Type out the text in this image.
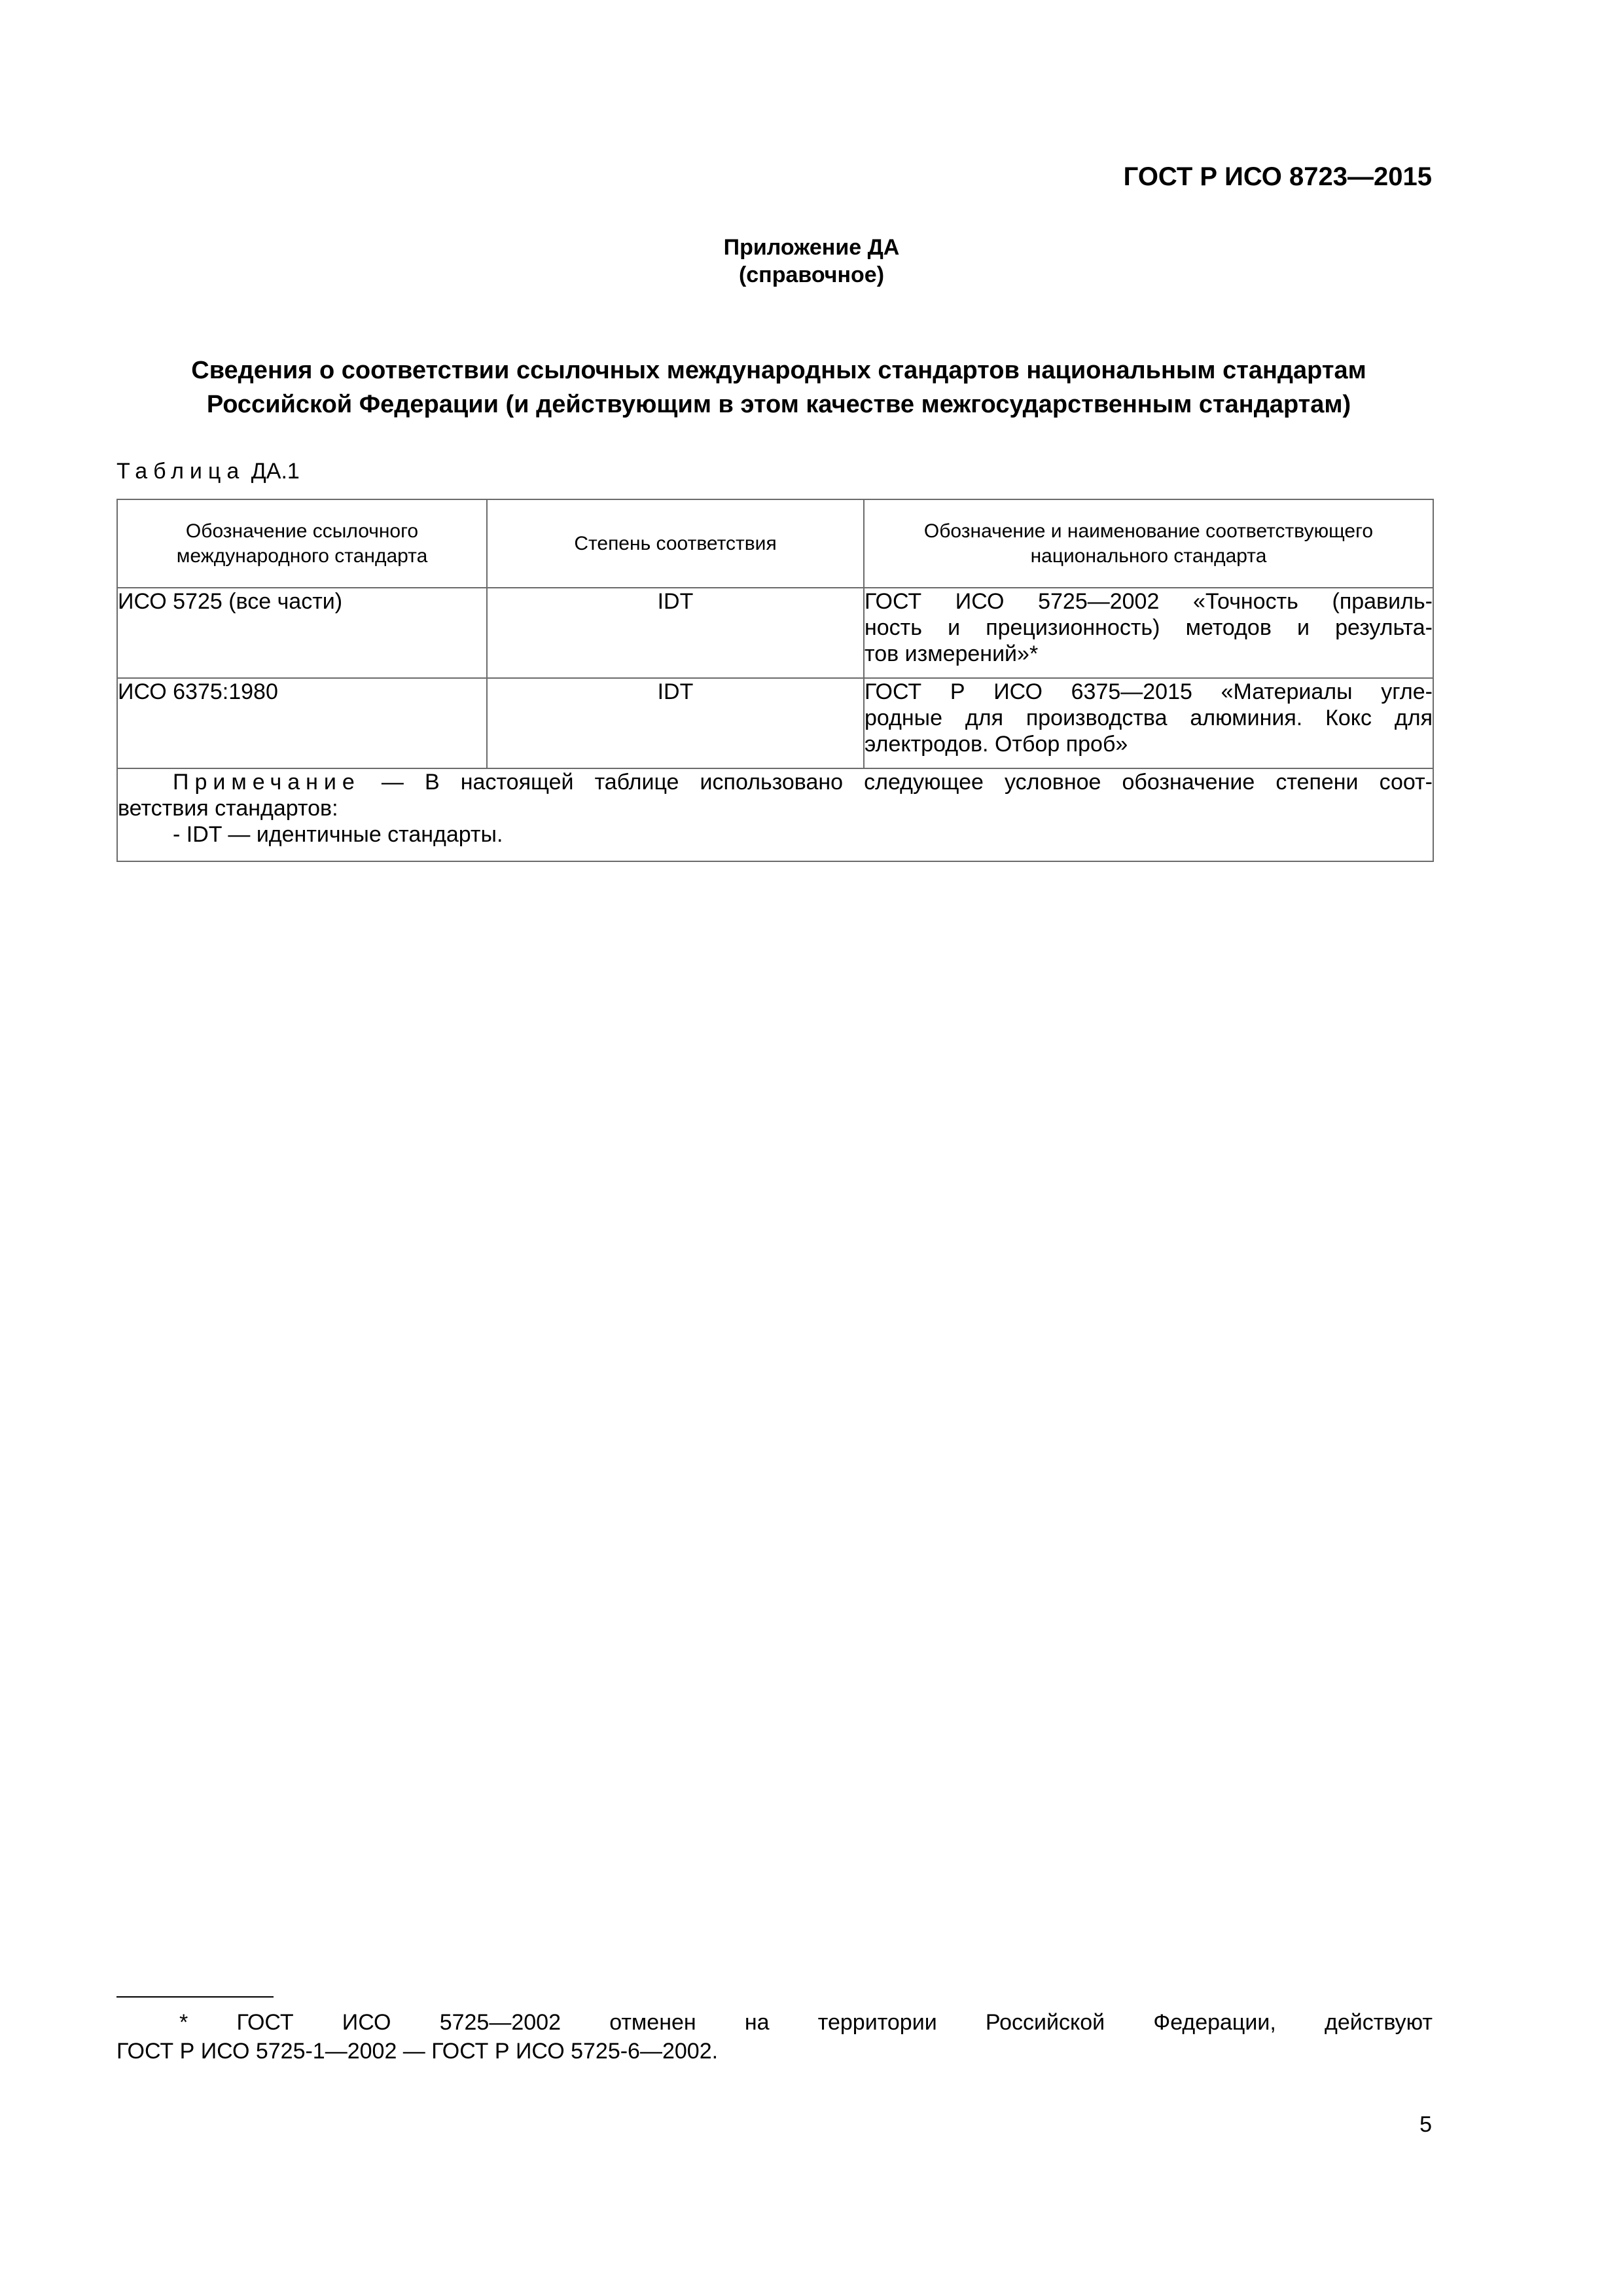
ГОСТ Р ИСО 8723—2015
Приложение ДА
(справочное)
Сведения о соответствии ссылочных международных стандартов национальным стандартам
Российской Федерации (и действующим в этом качестве межгосударственным стандартам)
Таблица ДА.1
Обозначение ссылочного международного стандарта	Степень соответствия	Обозначение и наименование соответствующего национального стандарта
ИСО 5725 (все части)	IDT	ГОСТ ИСО 5725—2002 «Точность (правиль-
ность и прецизионность) методов и результа-
тов измерений»*

ИСО 6375:1980	IDT	ГОСТ Р ИСО 6375—2015 «Материалы угле-
родные для производства алюминия. Кокс для
электродов. Отбор проб»

Примечание — В настоящей таблице использовано следующее условное обозначение степени соот-
ветствия стандартов:
- IDT — идентичные стандарты.		
* ГОСТ ИСО 5725—2002 отменен на территории Российской Федерации, действуют
ГОСТ Р ИСО 5725-1—2002 — ГОСТ Р ИСО 5725-6—2002.
5
